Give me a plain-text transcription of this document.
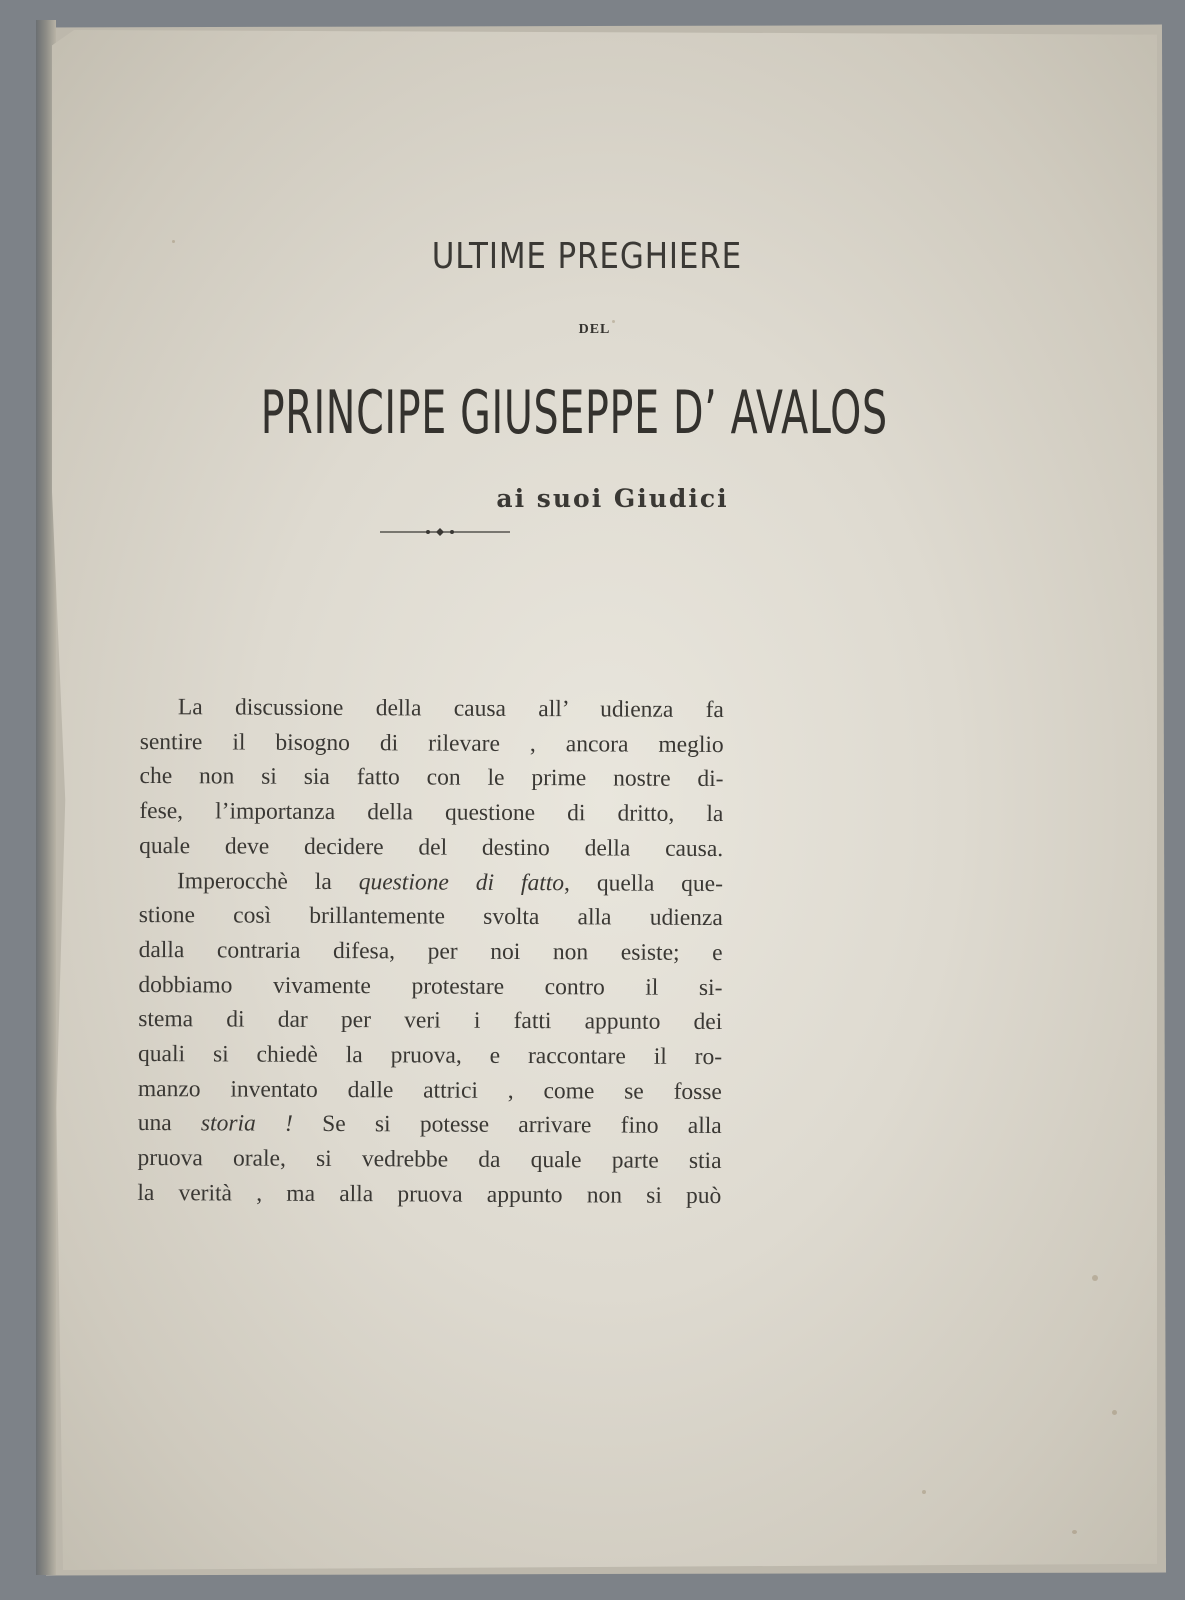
ULTIME PREGHIERE
DEL
PRINCIPE GIUSEPPE D’ AVALOS
ai suoi Giudici
La discussione della causa all’ udienza fa
sentire il bisogno di rilevare , ancora meglio
che non si sia fatto con le prime nostre di-
fese, l’importanza della questione di dritto, la
quale deve decidere del destino della causa.
Imperocchè la questione di fatto, quella que-
stione così brillantemente svolta alla udienza
dalla contraria difesa, per noi non esiste; e
dobbiamo vivamente protestare contro il si-
stema di dar per veri i fatti appunto dei
quali si chiedè la pruova, e raccontare il ro-
manzo inventato dalle attrici , come se fosse
una storia ! Se si potesse arrivare fino alla
pruova orale, si vedrebbe da quale parte stia
la verità , ma alla pruova appunto non si può
